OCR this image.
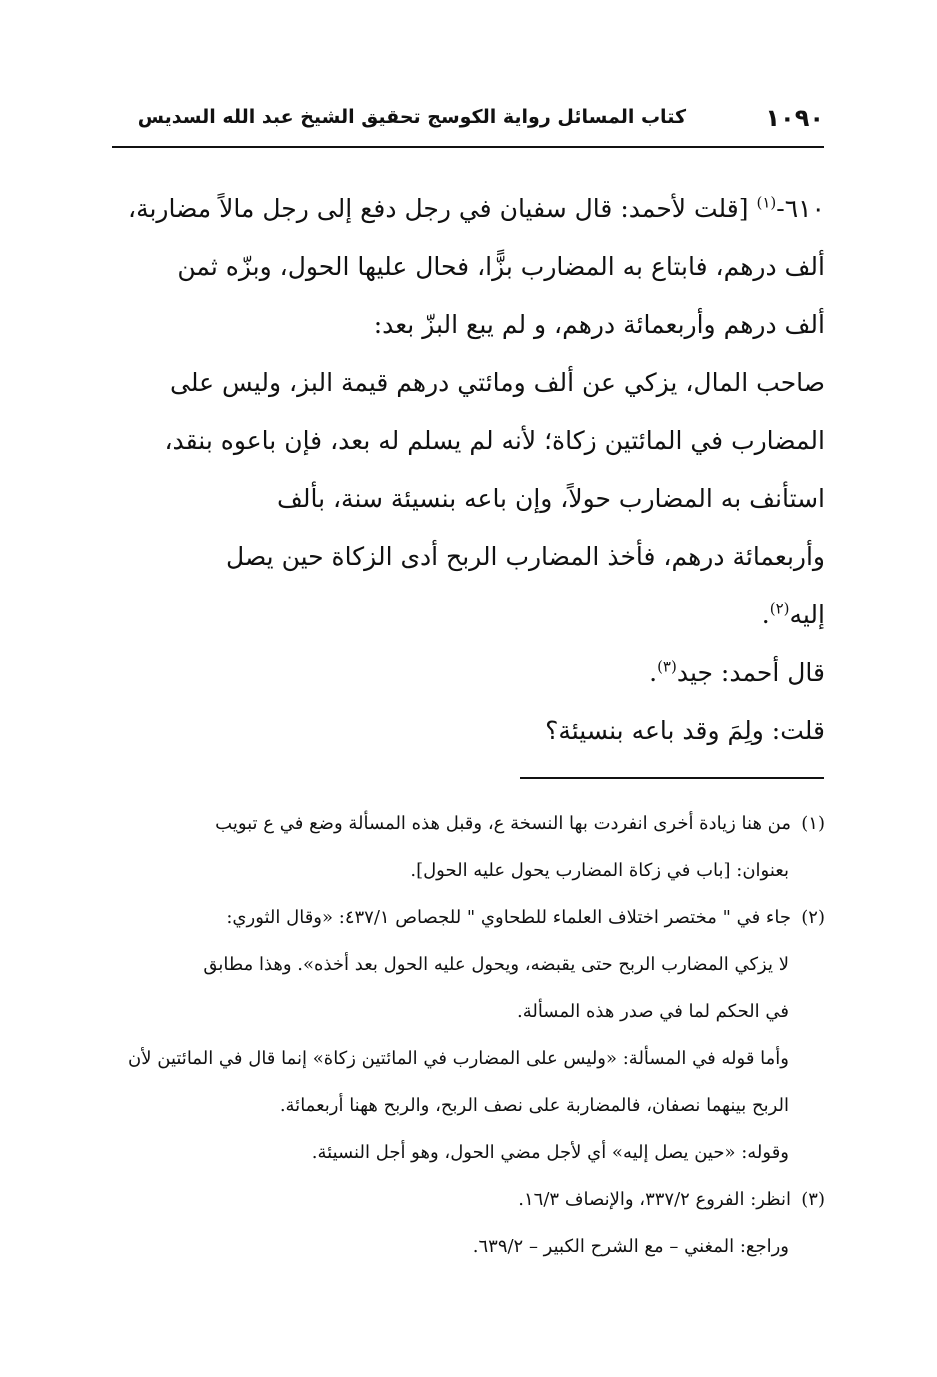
١٠٩٠
كتاب المسائل رواية الكوسج تحقيق الشيخ عبد الله السديس

٦١٠-$^{(١)}$ [قلت لأحمد: قال سفيان في رجل دفع إلى رجل مالاً مضاربة،

ألف درهم، فابتاع به المضارب بزًّا، فحال عليها الحول، وبزّه ثمن

ألف درهم وأربعمائة درهم، و لم يبع البزّ بعد:

صاحب المال، يزكي عن ألف ومائتي درهم قيمة البز، وليس على

المضارب في المائتين زكاة؛ لأنه لم يسلم له بعد، فإن باعوه بنقد،

استأنف به المضارب حولاً، وإن باعه بنسيئة سنة، بألف

وأربعمائة درهم، فأخذ المضارب الربح أدى الزكاة حين يصل

إليه$^{(٢)}$.

قال أحمد: جيد$^{(٣)}$.

قلت: ولِمَ وقد باعه بنسيئة؟

(١)من هنا زيادة أخرى انفردت بها النسخة ع، وقبل هذه المسألة وضع في ع تبويب

بعنوان: [باب في زكاة المضارب يحول عليه الحول].

(٢)جاء في " مختصر اختلاف العلماء للطحاوي " للجصاص ٤٣٧/١: «وقال الثوري:

لا يزكي المضارب الربح حتى يقبضه، ويحول عليه الحول بعد أخذه». وهذا مطابق

في الحكم لما في صدر هذه المسألة.

وأما قوله في المسألة: «وليس على المضارب في المائتين زكاة» إنما قال في المائتين لأن

الربح بينهما نصفان، فالمضاربة على نصف الربح، والربح ههنا أربعمائة.

وقوله: «حين يصل إليه» أي لأجل مضي الحول، وهو أجل النسيئة.

(٣)انظر: الفروع ٣٣٧/٢، والإنصاف ١٦/٣.

وراجع: المغني – مع الشرح الكبير – ٦٣٩/٢.
